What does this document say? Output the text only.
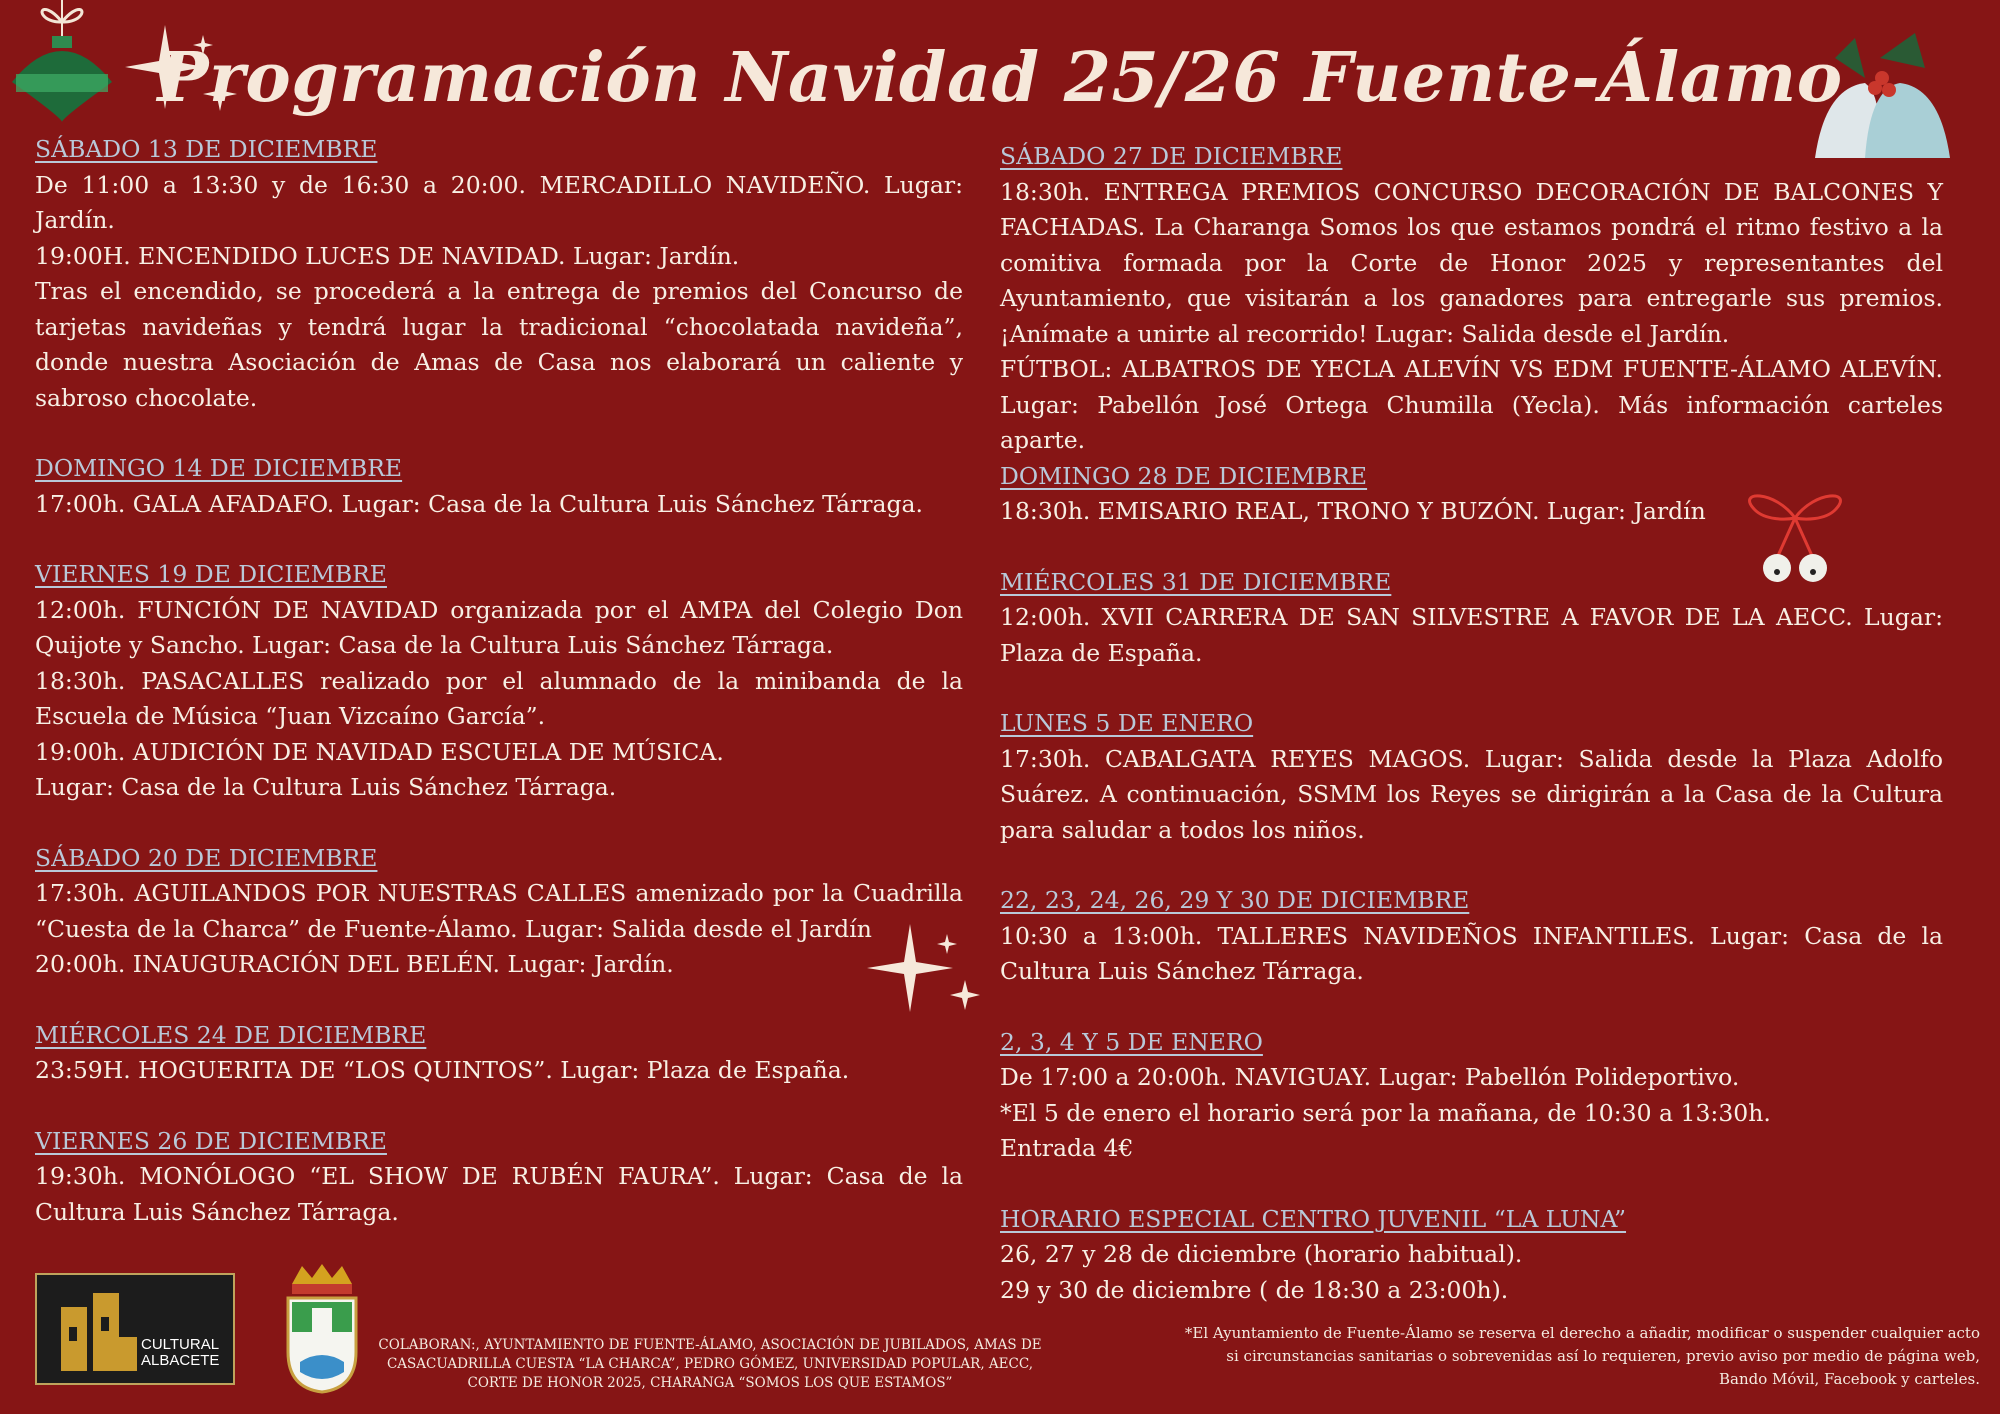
Programación Navidad 25/26 Fuente-Álamo
SÁBADO 13 DE DICIEMBRE
De 11:00 a 13:30 y de 16:30 a 20:00. MERCADILLO NAVIDEÑO. Lugar: Jardín.
19:00H. ENCENDIDO LUCES DE NAVIDAD. Lugar: Jardín.
Tras el encendido, se procederá a la entrega de premios del Concurso de tarjetas navideñas y tendrá lugar la tradicional “chocolatada navideña”, donde nuestra Asociación de Amas de Casa nos elaborará un caliente y sabroso chocolate.
DOMINGO 14 DE DICIEMBRE
17:00h. GALA AFADAFO. Lugar: Casa de la Cultura Luis Sánchez Tárraga.
VIERNES 19 DE DICIEMBRE
12:00h. FUNCIÓN DE NAVIDAD organizada por el AMPA del Colegio Don Quijote y Sancho. Lugar: Casa de la Cultura Luis Sánchez Tárraga.
18:30h. PASACALLES realizado por el alumnado de la minibanda de la Escuela de Música “Juan Vizcaíno García”.
19:00h. AUDICIÓN DE NAVIDAD ESCUELA DE MÚSICA.
Lugar: Casa de la Cultura Luis Sánchez Tárraga.
SÁBADO 20 DE DICIEMBRE
17:30h. AGUILANDOS POR NUESTRAS CALLES amenizado por la Cuadrilla “Cuesta de la Charca” de Fuente-Álamo. Lugar: Salida desde el Jardín
20:00h. INAUGURACIÓN DEL BELÉN. Lugar: Jardín.
MIÉRCOLES 24 DE DICIEMBRE
23:59H. HOGUERITA DE “LOS QUINTOS”. Lugar: Plaza de España.
VIERNES 26 DE DICIEMBRE
19:30h. MONÓLOGO “EL SHOW DE RUBÉN FAURA”. Lugar: Casa de la Cultura Luis Sánchez Tárraga.
SÁBADO 27 DE DICIEMBRE
18:30h. ENTREGA PREMIOS CONCURSO DECORACIÓN DE BALCONES Y FACHADAS. La Charanga Somos los que estamos pondrá el ritmo festivo a la comitiva formada por la Corte de Honor 2025 y representantes del Ayuntamiento, que visitarán a los ganadores para entregarle sus premios. ¡Anímate a unirte al recorrido! Lugar: Salida desde el Jardín.
FÚTBOL: ALBATROS DE YECLA ALEVÍN VS EDM FUENTE-ÁLAMO ALEVÍN. Lugar: Pabellón José Ortega Chumilla (Yecla). Más información carteles aparte.
DOMINGO 28 DE DICIEMBRE
18:30h. EMISARIO REAL, TRONO Y BUZÓN. Lugar: Jardín
MIÉRCOLES 31 DE DICIEMBRE
12:00h. XVII CARRERA DE SAN SILVESTRE A FAVOR DE LA AECC. Lugar: Plaza de España.
LUNES 5 DE ENERO
17:30h. CABALGATA REYES MAGOS. Lugar: Salida desde la Plaza Adolfo Suárez. A continuación, SSMM los Reyes se dirigirán a la Casa de la Cultura para saludar a todos los niños.
22, 23, 24, 26, 29 Y 30 DE DICIEMBRE
10:30 a 13:00h. TALLERES NAVIDEÑOS INFANTILES. Lugar: Casa de la Cultura Luis Sánchez Tárraga.
2, 3, 4 Y 5 DE ENERO
De 17:00 a 20:00h. NAVIGUAY. Lugar: Pabellón Polideportivo.
*El 5 de enero el horario será por la mañana, de 10:30 a 13:30h.
Entrada 4€
HORARIO ESPECIAL CENTRO JUVENIL “LA LUNA”
26, 27 y 28 de diciembre (horario habitual).
29 y 30 de diciembre ( de 18:30 a 23:00h).
CULTURAL
ALBACETE
COLABORAN:, AYUNTAMIENTO DE FUENTE-ÁLAMO, ASOCIACIÓN DE JUBILADOS, AMAS DE CASACUADRILLA CUESTA “LA CHARCA”, PEDRO GÓMEZ, UNIVERSIDAD POPULAR, AECC, CORTE DE HONOR 2025, CHARANGA “SOMOS LOS QUE ESTAMOS”
*El Ayuntamiento de Fuente-Álamo se reserva el derecho a añadir, modificar o suspender cualquier acto si circunstancias sanitarias o sobrevenidas así lo requieren, previo aviso por medio de página web, Bando Móvil, Facebook y carteles.
